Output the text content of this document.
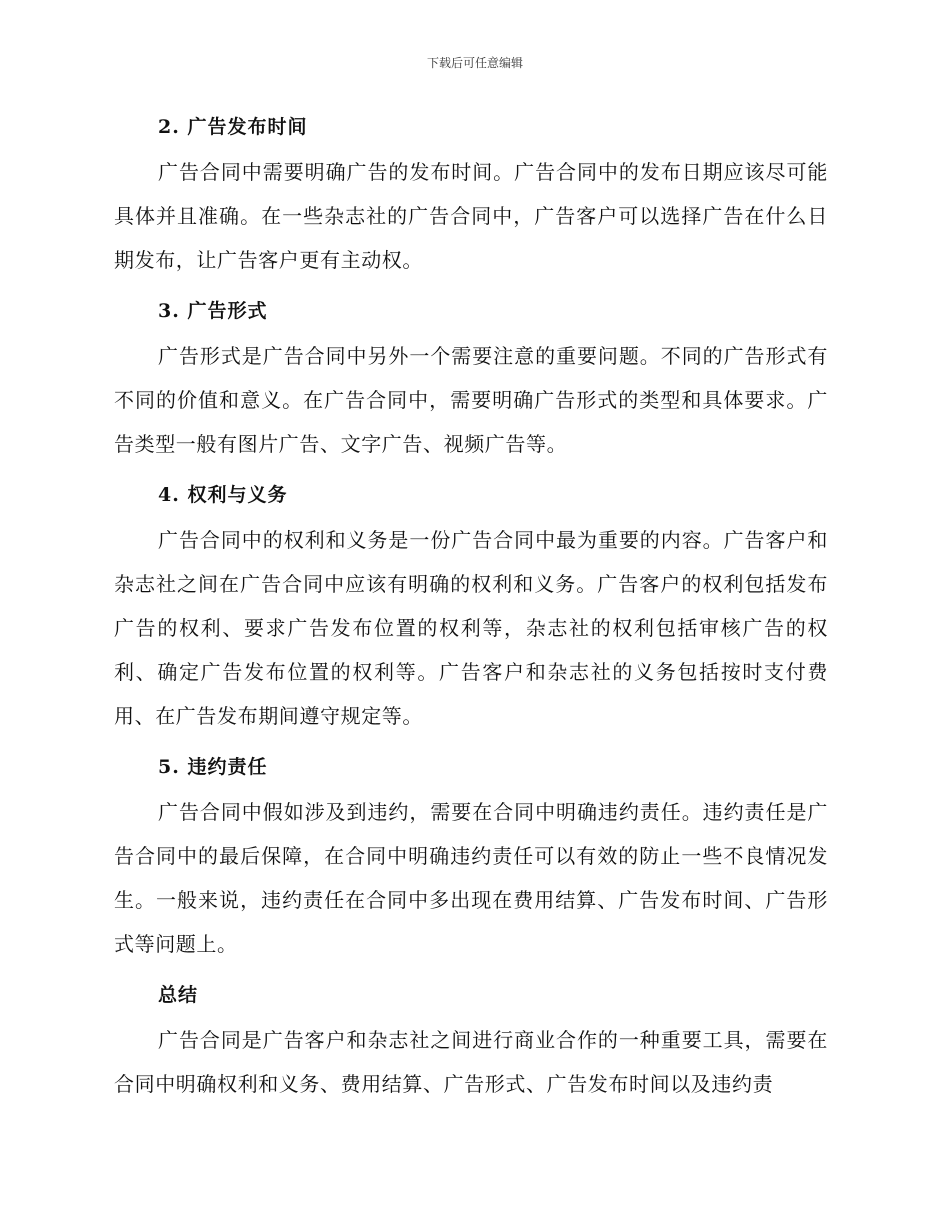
下载后可任意编辑
2. 广告发布时间

广告合同中需要明确广告的发布时间。广告合同中的发布日期应该尽可能具体并且准确。在一些杂志社的广告合同中，广告客户可以选择广告在什么日期发布，让广告客户更有主动权。

3. 广告形式

广告形式是广告合同中另外一个需要注意的重要问题。不同的广告形式有不同的价值和意义。在广告合同中，需要明确广告形式的类型和具体要求。广告类型一般有图片广告、文字广告、视频广告等。

4. 权利与义务

广告合同中的权利和义务是一份广告合同中最为重要的内容。广告客户和杂志社之间在广告合同中应该有明确的权利和义务。广告客户的权利包括发布广告的权利、要求广告发布位置的权利等，杂志社的权利包括审核广告的权利、确定广告发布位置的权利等。广告客户和杂志社的义务包括按时支付费用、在广告发布期间遵守规定等。

5. 违约责任

广告合同中假如涉及到违约，需要在合同中明确违约责任。违约责任是广告合同中的最后保障，在合同中明确违约责任可以有效的防止一些不良情况发生。一般来说，违约责任在合同中多出现在费用结算、广告发布时间、广告形式等问题上。

总结

广告合同是广告客户和杂志社之间进行商业合作的一种重要工具，需要在合同中明确权利和义务、费用结算、广告形式、广告发布时间以及违约责
